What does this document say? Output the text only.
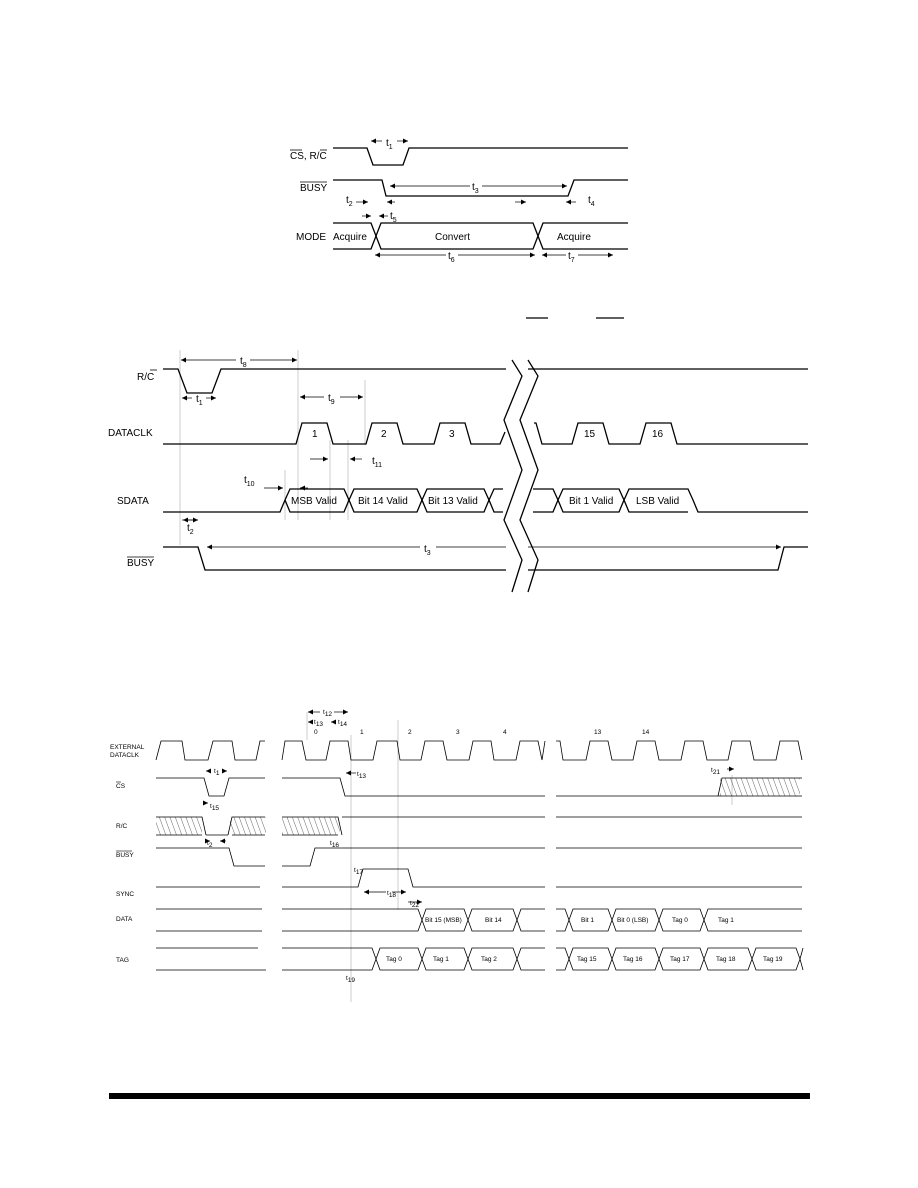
CS, R/C
$t_1$
BUSY	$t_3$
$t_2$	$t_4$
$t_5$
MODE Acquire	Convert	Acquire
$t_6$	$t_7$
R/C
$t_8$
$t_1$
DATACLK	1	2	3	15	16
$t_9$
$t_{11}$
$t_{10}$
SDATA	MSB Valid Bit 14 Valid Bit 13 Valid	Bit 1 Valid LSB Valid
$t_2$
BUSY
$t_3$
t12
t13 t14
0	1	2	3	4	13	14
EXTERNAL
DATACLK
CS
t1
t15
t13
t21
R/C
t2	t16
BUSY
SYNC
t17
t18
t22
DATA	Bit 15 (MSB)	Bit 14	Bit 1	Bit 0 (LSB)	Tag 0	Tag 1
TAG	Tag 0	Tag 1	Tag 2	Tag 15	Tag 16	Tag 17	Tag 18	Tag 19
t19
